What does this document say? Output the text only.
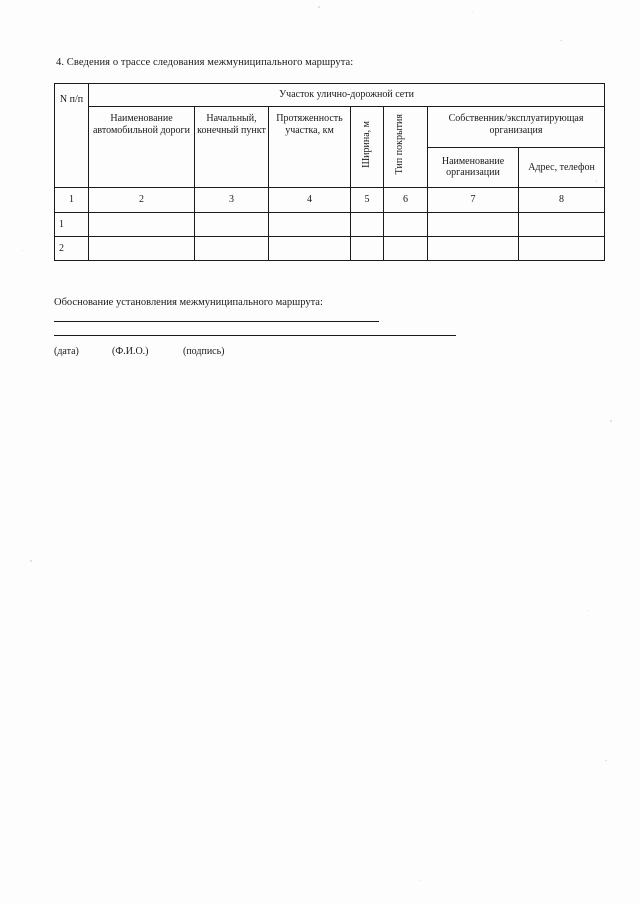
4. Сведения о трассе следования межмуниципального маршрута:
N п/п	Участок улично-дорожной сети						
	Наименование автомобильной дороги	Начальный, конечный пункт	Протяженность участка, км	Ширина, м	Тип покрытия	Собственник/эксплуатирующая организация	
						Наименование организации	Адрес, телефон
1	2	3	4	5	6	7	8
1							
2							
Обоснование установления межмуниципального маршрута:
(дата)	(Ф.И.О.)	(подпись)
